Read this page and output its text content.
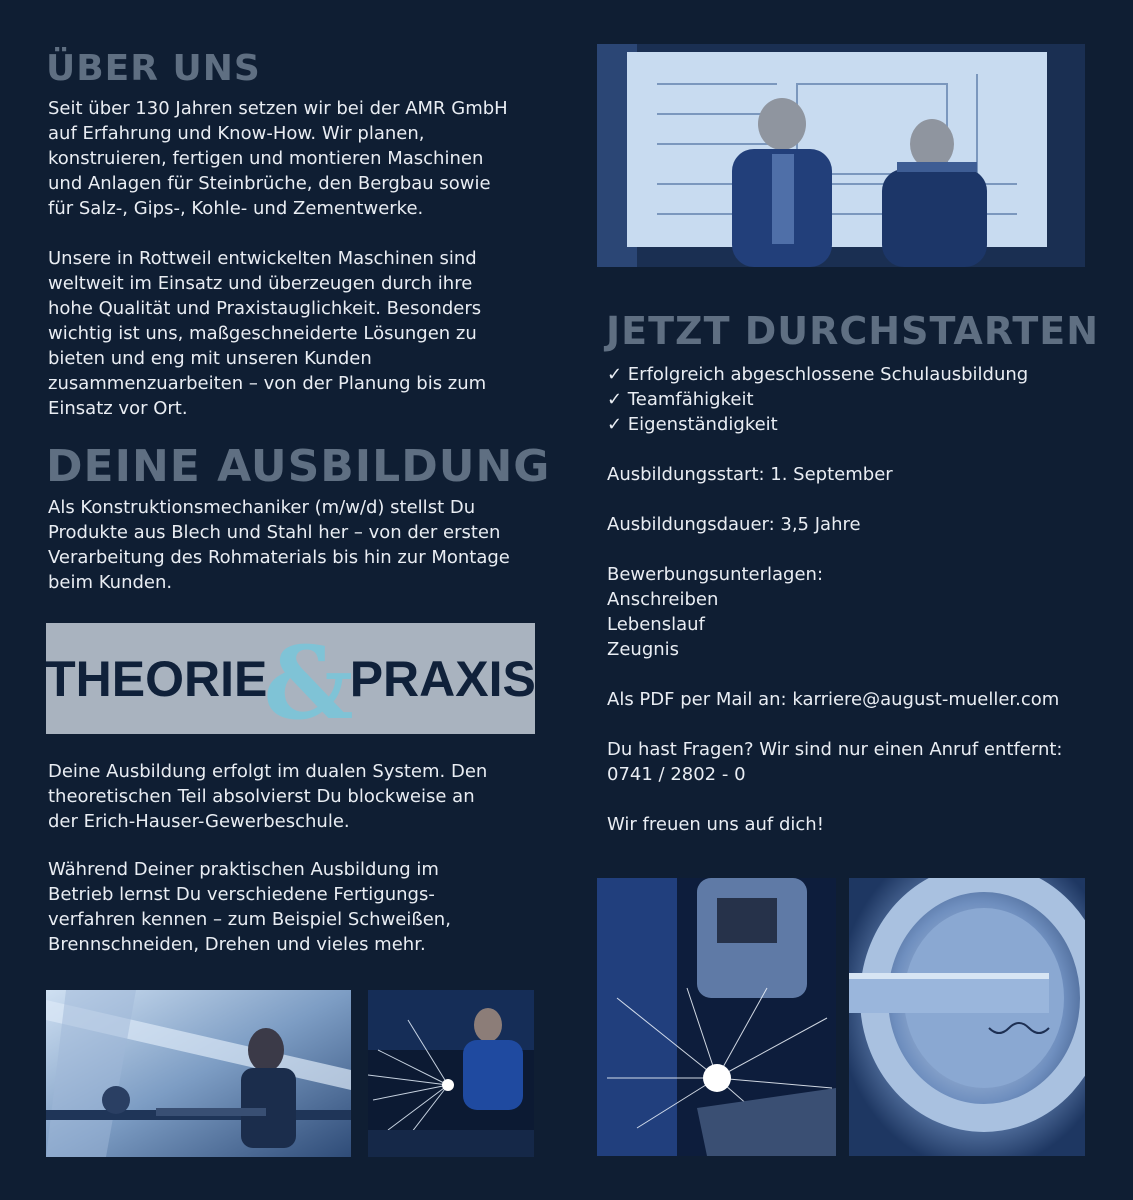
ÜBER UNS

Seit über 130 Jahren setzen wir bei der AMR GmbH
auf Erfahrung und Know-How. Wir planen,
konstruieren, fertigen und montieren Maschinen
und Anlagen für Steinbrüche, den Bergbau sowie
für Salz-, Gips-, Kohle- und Zementwerke.

Unsere in Rottweil entwickelten Maschinen sind
weltweit im Einsatz und überzeugen durch ihre
hohe Qualität und Praxistauglichkeit. Besonders
wichtig ist uns, maßgeschneiderte Lösungen zu
bieten und eng mit unseren Kunden
zusammenzuarbeiten – von der Planung bis zum
Einsatz vor Ort.

DEINE AUSBILDUNG

Als Konstruktionsmechaniker (m/w/d) stellst Du
Produkte aus Blech und Stahl her – von der ersten
Verarbeitung des Rohmaterials bis hin zur Montage
beim Kunden.

THEORIE
&
PRAXIS

Deine Ausbildung erfolgt im dualen System. Den
theoretischen Teil absolvierst Du blockweise an
der Erich-Hauser-Gewerbeschule.

Während Deiner praktischen Ausbildung im
Betrieb lernst Du verschiedene Fertigungs-
verfahren kennen – zum Beispiel Schweißen,
Brennschneiden, Drehen und vieles mehr.

JETZT DURCHSTARTEN
✓ Erfolgreich abgeschlossene Schulausbildung
✓ Teamfähigkeit
✓ Eigenständigkeit

Ausbildungsstart: 1. September

Ausbildungsdauer: 3,5 Jahre

Bewerbungsunterlagen:

Anschreiben

Lebenslauf

Zeugnis

Als PDF per Mail an: karriere@august-mueller.com

Du hast Fragen? Wir sind nur einen Anruf entfernt:

0741 / 2802 - 0

Wir freuen uns auf dich!
